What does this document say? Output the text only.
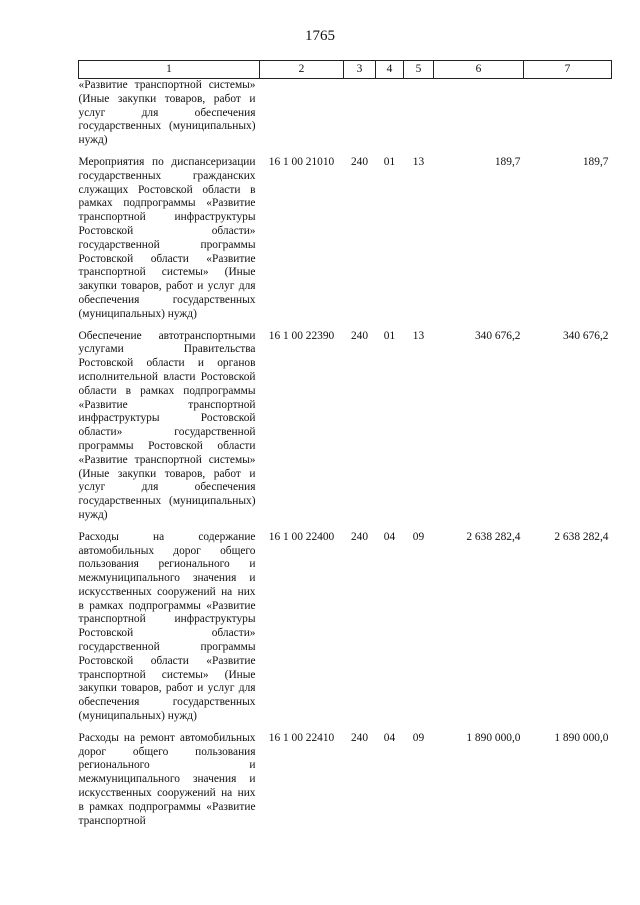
1765
1	2	3	4	5	6	7
«Развитие транспортной системы» (Иные закупки товаров, работ и услуг для обеспечения государственных (муниципальных) нужд)						

Мероприятия по диспансеризации государственных гражданских служащих Ростовской области в рамках подпрограммы «Развитие транспортной инфраструктуры Ростовской области» государственной программы Ростовской области «Развитие транспортной системы» (Иные закупки товаров, работ и услуг для обеспечения государственных (муниципальных) нужд)	16 1 00 21010	240	01	13	189,7	189,7

Обеспечение автотранспортными услугами Правительства Ростовской области и органов исполнительной власти Ростовской области в рамках подпрограммы «Развитие транспортной инфраструктуры Ростовской области» государственной программы Ростовской области «Развитие транспортной системы» (Иные закупки товаров, работ и услуг для обеспечения государственных (муниципальных) нужд)	16 1 00 22390	240	01	13	340 676,2	340 676,2

Расходы на содержание автомобильных дорог общего пользования регионального и межмуниципального значения и искусственных сооружений на них в рамках подпрограммы «Развитие транспортной инфраструктуры Ростовской области» государственной программы Ростовской области «Развитие транспортной системы» (Иные закупки товаров, работ и услуг для обеспечения государственных (муниципальных) нужд)	16 1 00 22400	240	04	09	2 638 282,4	2 638 282,4

Расходы на ремонт автомобильных дорог общего пользования регионального и межмуниципального значения и искусственных сооружений на них в рамках подпрограммы «Развитие транспортной	16 1 00 22410	240	04	09	1 890 000,0	1 890 000,0
